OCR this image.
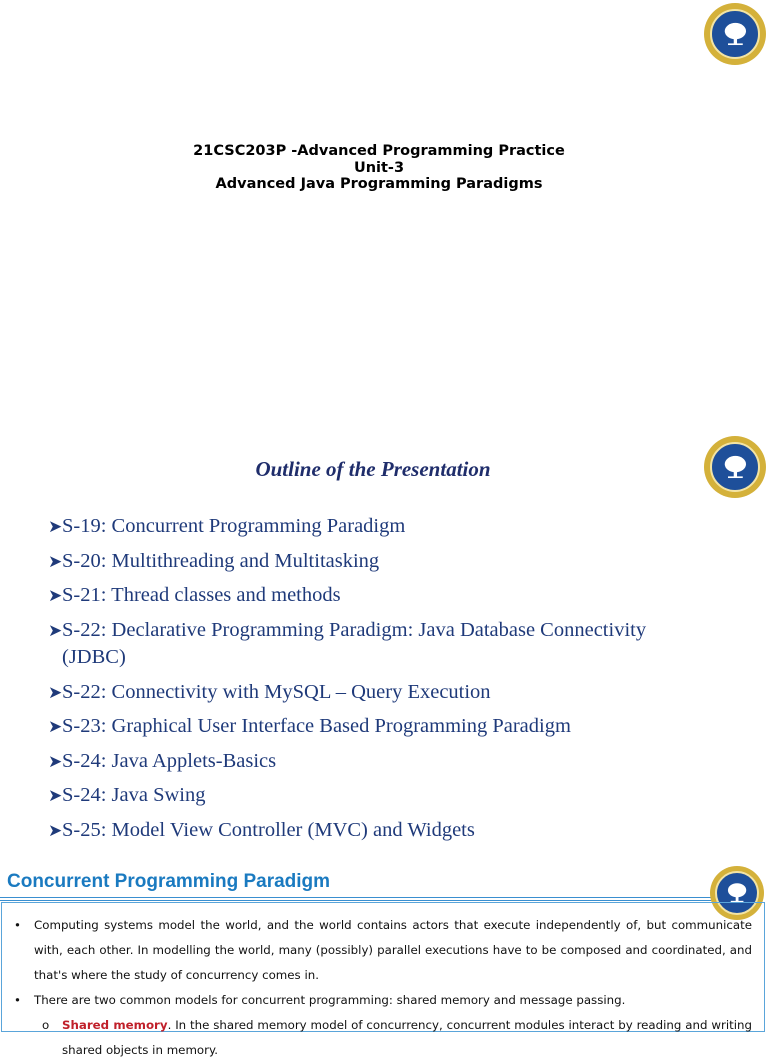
21CSC203P -Advanced Programming Practice
Unit-3
Advanced Java Programming Paradigms
Outline of the Presentation
➤ S-19: Concurrent Programming Paradigm
➤ S-20: Multithreading and Multitasking
➤ S-21: Thread classes and methods
➤ S-22: Declarative Programming Paradigm: Java Database Connectivity (JDBC)
➤ S-22: Connectivity with MySQL – Query Execution
➤ S-23: Graphical User Interface Based Programming Paradigm
➤ S-24: Java Applets-Basics
➤ S-24: Java Swing
➤ S-25: Model View Controller (MVC) and Widgets
Concurrent Programming Paradigm
• Computing systems model the world, and the world contains actors that execute independently of, but communicate with, each other. In modelling the world, many (possibly) parallel executions have to be composed and coordinated, and that's where the study of concurrency comes in.
• There are two common models for concurrent programming: shared memory and message passing.
o Shared memory. In the shared memory model of concurrency, concurrent modules interact by reading and writing shared objects in memory.
